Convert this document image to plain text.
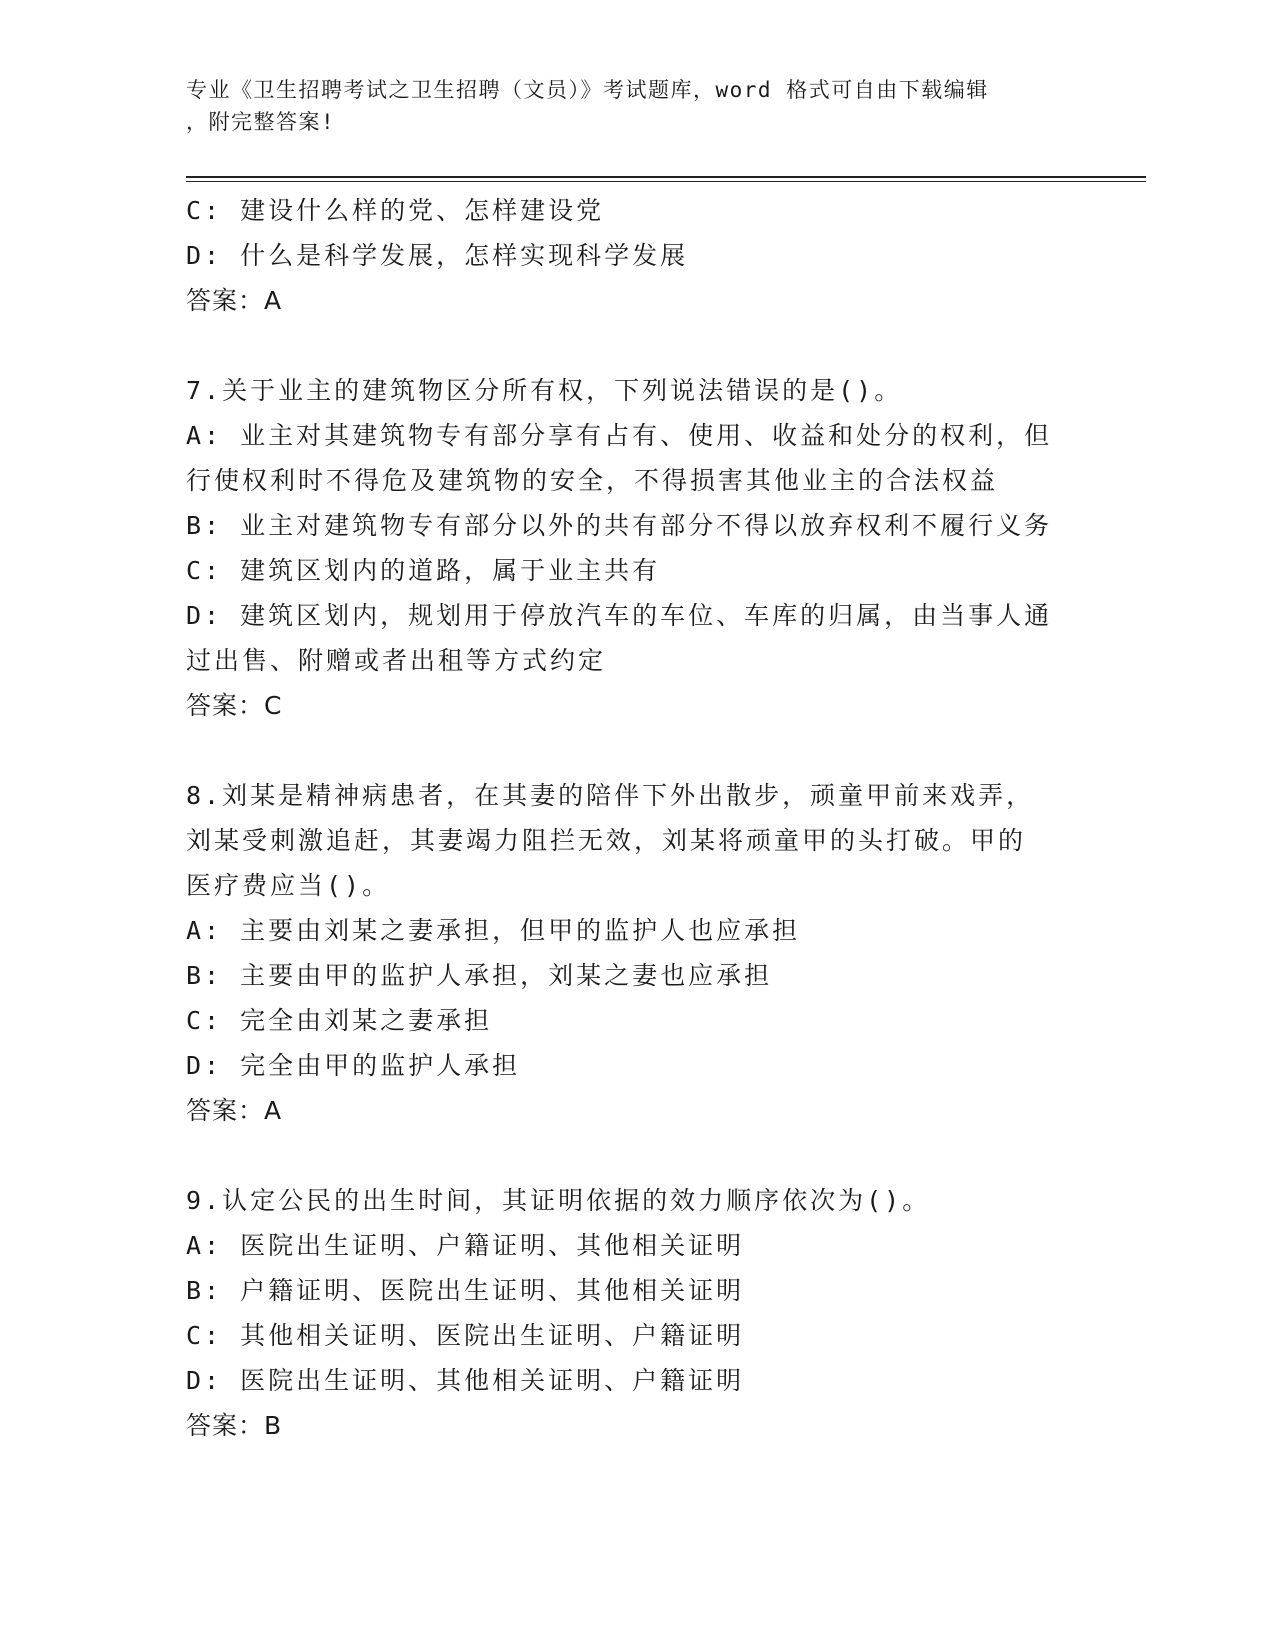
专业《卫生招聘考试之卫生招聘（文员）》考试题库，word 格式可自由下载编辑

，附完整答案!

C: 建设什么样的党、怎样建设党

D: 什么是科学发展，怎样实现科学发展

答案：A

7.关于业主的建筑物区分所有权，下列说法错误的是()。

A: 业主对其建筑物专有部分享有占有、使用、收益和处分的权利，但

行使权利时不得危及建筑物的安全，不得损害其他业主的合法权益

B: 业主对建筑物专有部分以外的共有部分不得以放弃权利不履行义务

C: 建筑区划内的道路，属于业主共有

D: 建筑区划内，规划用于停放汽车的车位、车库的归属，由当事人通

过出售、附赠或者出租等方式约定

答案：C

8.刘某是精神病患者，在其妻的陪伴下外出散步，顽童甲前来戏弄，

刘某受刺激追赶，其妻竭力阻拦无效，刘某将顽童甲的头打破。甲的

医疗费应当()。

A: 主要由刘某之妻承担，但甲的监护人也应承担

B: 主要由甲的监护人承担，刘某之妻也应承担

C: 完全由刘某之妻承担

D: 完全由甲的监护人承担

答案：A

9.认定公民的出生时间，其证明依据的效力顺序依次为()。

A: 医院出生证明、户籍证明、其他相关证明

B: 户籍证明、医院出生证明、其他相关证明

C: 其他相关证明、医院出生证明、户籍证明

D: 医院出生证明、其他相关证明、户籍证明

答案：B
